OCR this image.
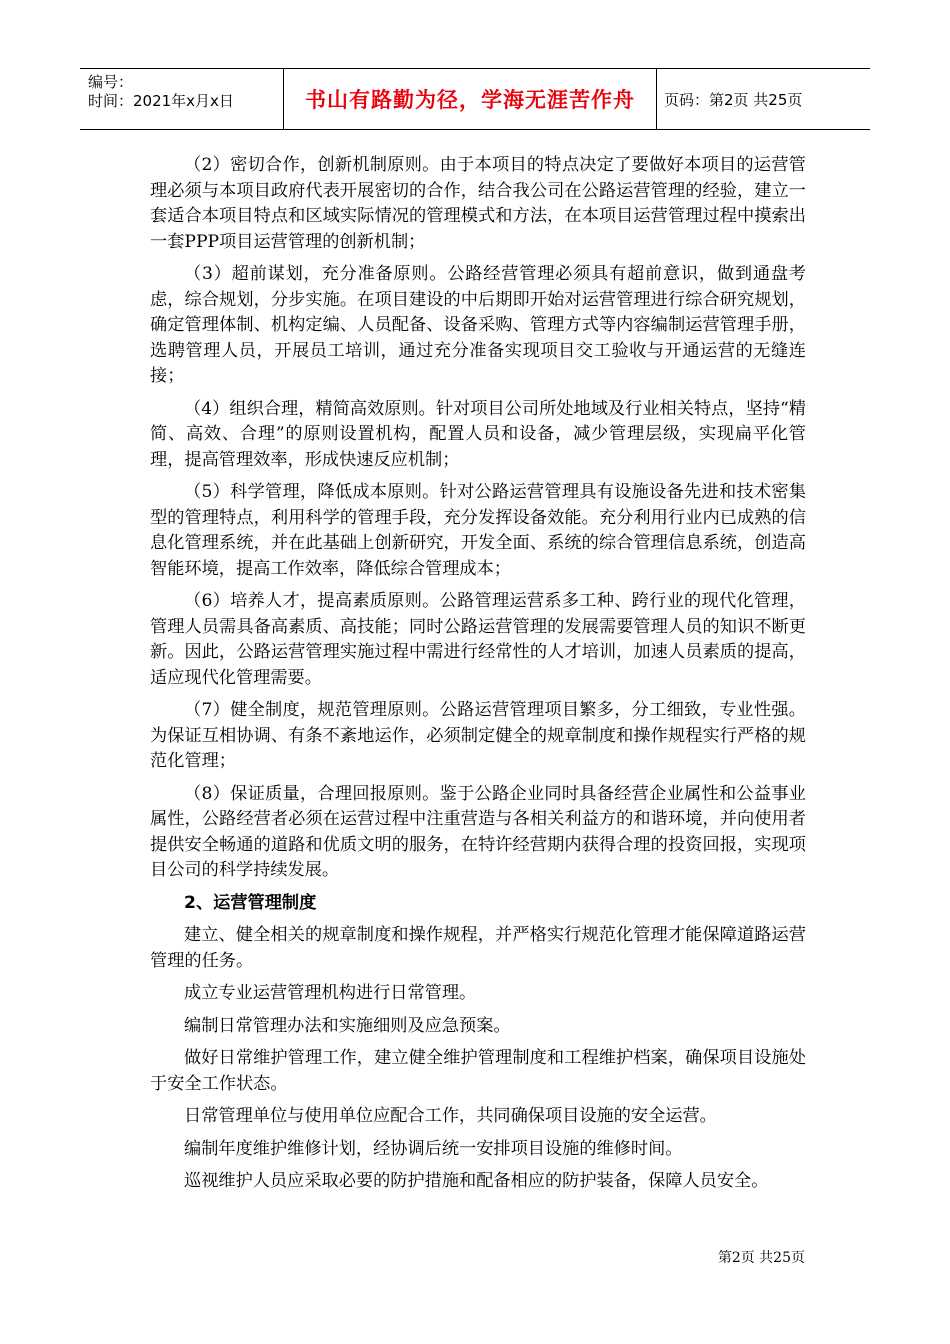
编号：
时间：2021年x月x日	书山有路勤为径，学海无涯苦作舟 页码：第2页 共25页

（2）密切合作，创新机制原则。由于本项目的特点决定了要做好本项目的运营管理必须与本项目政府代表开展密切的合作，结合我公司在公路运营管理的经验，建立一套适合本项目特点和区域实际情况的管理模式和方法，在本项目运营管理过程中摸索出一套PPP项目运营管理的创新机制；

（3）超前谋划，充分准备原则。公路经营管理必须具有超前意识，做到通盘考虑，综合规划，分步实施。在项目建设的中后期即开始对运营管理进行综合研究规划，确定管理体制、机构定编、人员配备、设备采购、管理方式等内容编制运营管理手册，选聘管理人员，开展员工培训，通过充分准备实现项目交工验收与开通运营的无缝连接；

（4）组织合理，精简高效原则。针对项目公司所处地域及行业相关特点，坚持“精简、高效、合理”的原则设置机构，配置人员和设备，减少管理层级，实现扁平化管理，提高管理效率，形成快速反应机制；

（5）科学管理，降低成本原则。针对公路运营管理具有设施设备先进和技术密集型的管理特点，利用科学的管理手段，充分发挥设备效能。充分利用行业内已成熟的信息化管理系统，并在此基础上创新研究，开发全面、系统的综合管理信息系统，创造高智能环境，提高工作效率，降低综合管理成本；

（6）培养人才，提高素质原则。公路管理运营系多工种、跨行业的现代化管理，管理人员需具备高素质、高技能；同时公路运营管理的发展需要管理人员的知识不断更新。因此，公路运营管理实施过程中需进行经常性的人才培训，加速人员素质的提高，适应现代化管理需要。

（7）健全制度，规范管理原则。公路运营管理项目繁多，分工细致，专业性强。为保证互相协调、有条不紊地运作，必须制定健全的规章制度和操作规程实行严格的规范化管理；

（8）保证质量，合理回报原则。鉴于公路企业同时具备经营企业属性和公益事业属性，公路经营者必须在运营过程中注重营造与各相关利益方的和谐环境，并向使用者提供安全畅通的道路和优质文明的服务，在特许经营期内获得合理的投资回报，实现项目公司的科学持续发展。

2、运营管理制度

建立、健全相关的规章制度和操作规程，并严格实行规范化管理才能保障道路运营管理的任务。

成立专业运营管理机构进行日常管理。

编制日常管理办法和实施细则及应急预案。

做好日常维护管理工作，建立健全维护管理制度和工程维护档案，确保项目设施处于安全工作状态。

日常管理单位与使用单位应配合工作，共同确保项目设施的安全运营。

编制年度维护维修计划，经协调后统一安排项目设施的维修时间。

巡视维护人员应采取必要的防护措施和配备相应的防护装备，保障人员安全。

第2页 共25页
